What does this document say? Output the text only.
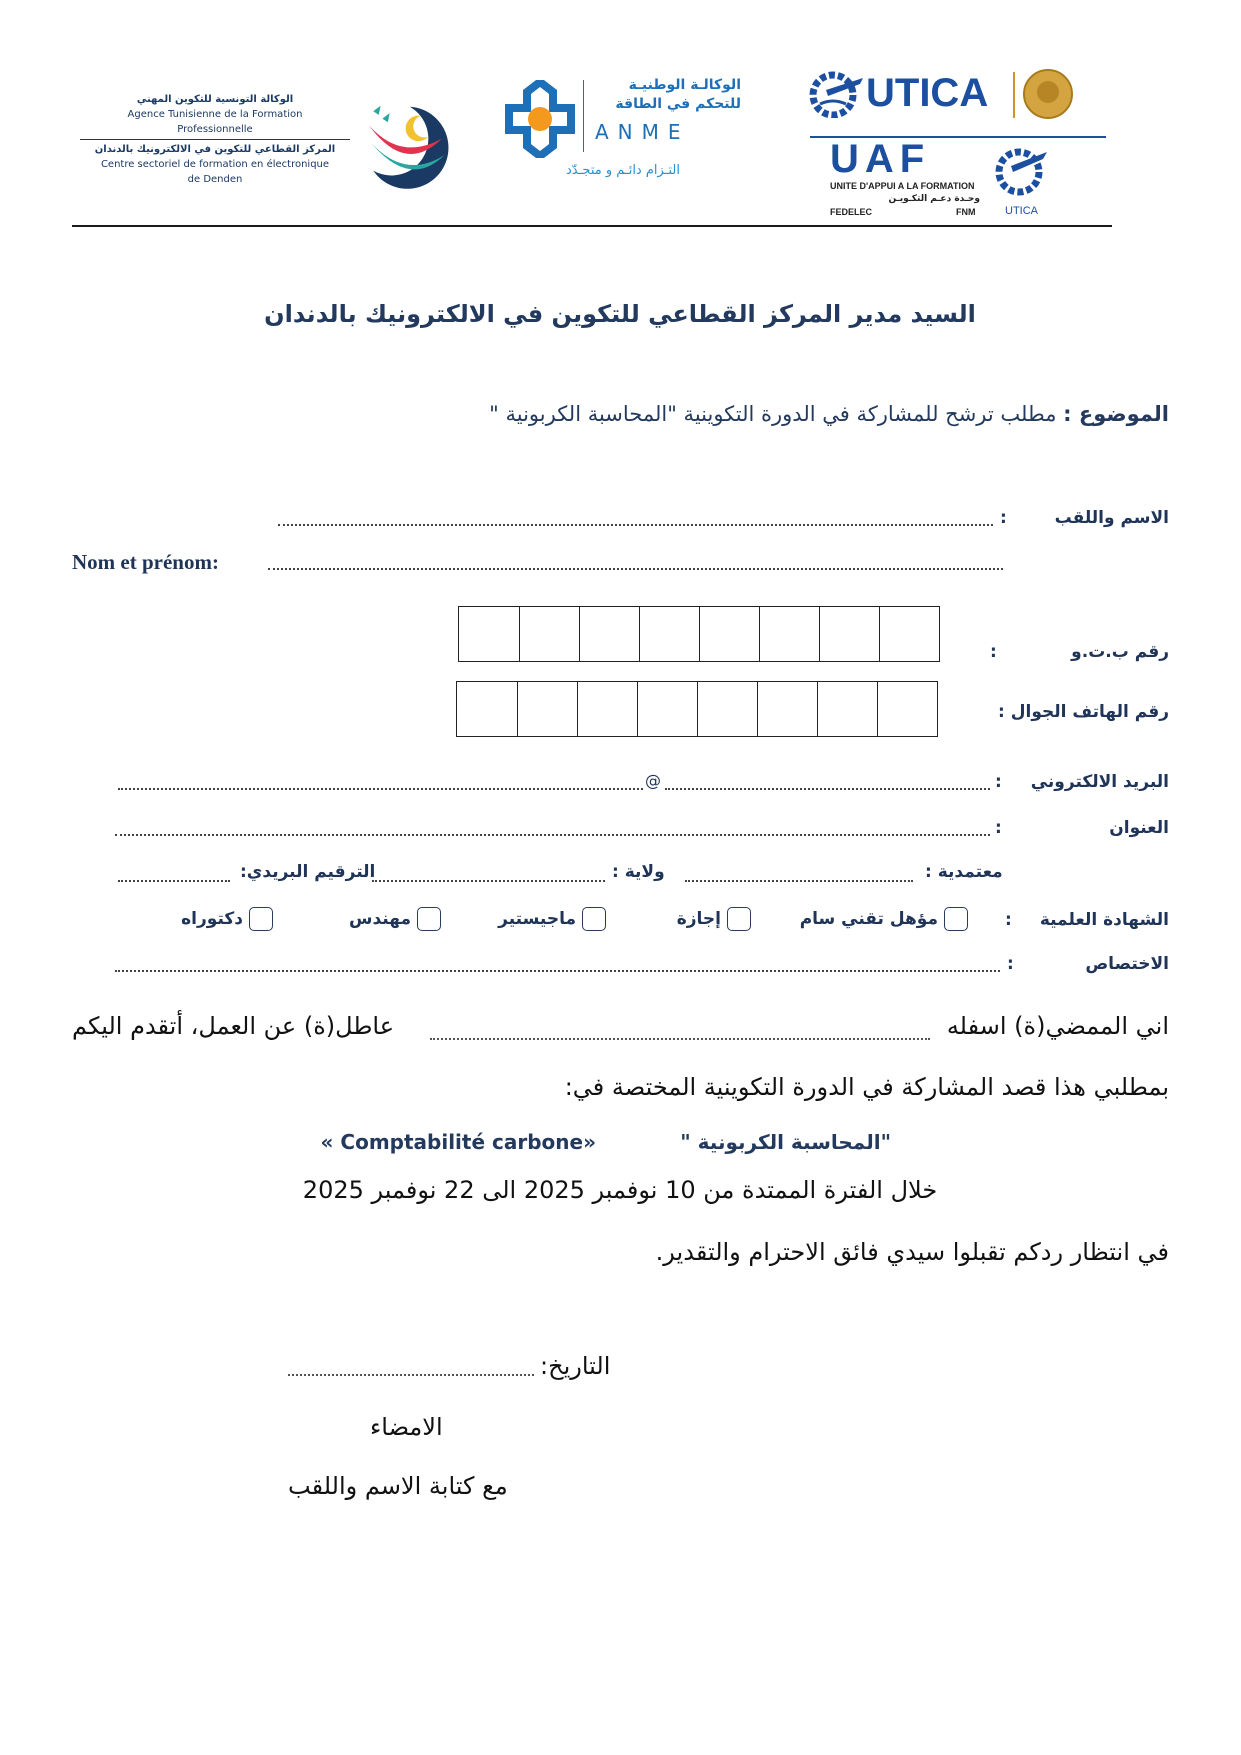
الوكالة التونسية للتكوين المهني
Agence Tunisienne de la Formation
Professionnelle
المركز القطاعي للتكوين في الالكترونيك بالدندان
Centre sectoriel de formation en électronique
de Denden
الوكالـة الوطنيـة
للتحكم في الطاقة
ANME
التـزام دائـم و متجـدّد
UTICA
UAF
UNITE D'APPUI A LA FORMATION
وحـدة دعـم التكـويـن
FEDELEC	FNM	UTICA
السيد مدير المركز القطاعي للتكوين في الالكترونيك بالدندان
الموضوع : مطلب ترشح للمشاركة في الدورة التكوينية "المحاسبة الكربونية "
الاسم واللقب
:
Nom et prénom:
رقم ب.ت.و
:
رقم الهاتف الجوال :
البريد الالكتروني
:
@
العنوان
:
معتمدية :
ولاية :
الترقيم البريدي:
الشهادة العلمية
:
مؤهل تقني سام
إجازة
ماجيستير
مهندس
دكتوراه
الاختصاص
:
اني الممضي(ة) اسفله
عاطل(ة) عن العمل، أتقدم اليكم
بمطلبي هذا قصد المشاركة في الدورة التكوينية المختصة في:
"المحاسبة الكربونية "
« Comptabilité carbone»
خلال الفترة الممتدة من 10 نوفمبر 2025 الى 22 نوفمبر 2025
في انتظار ردكم تقبلوا سيدي فائق الاحترام والتقدير.
التاريخ:
الامضاء
مع كتابة الاسم واللقب
